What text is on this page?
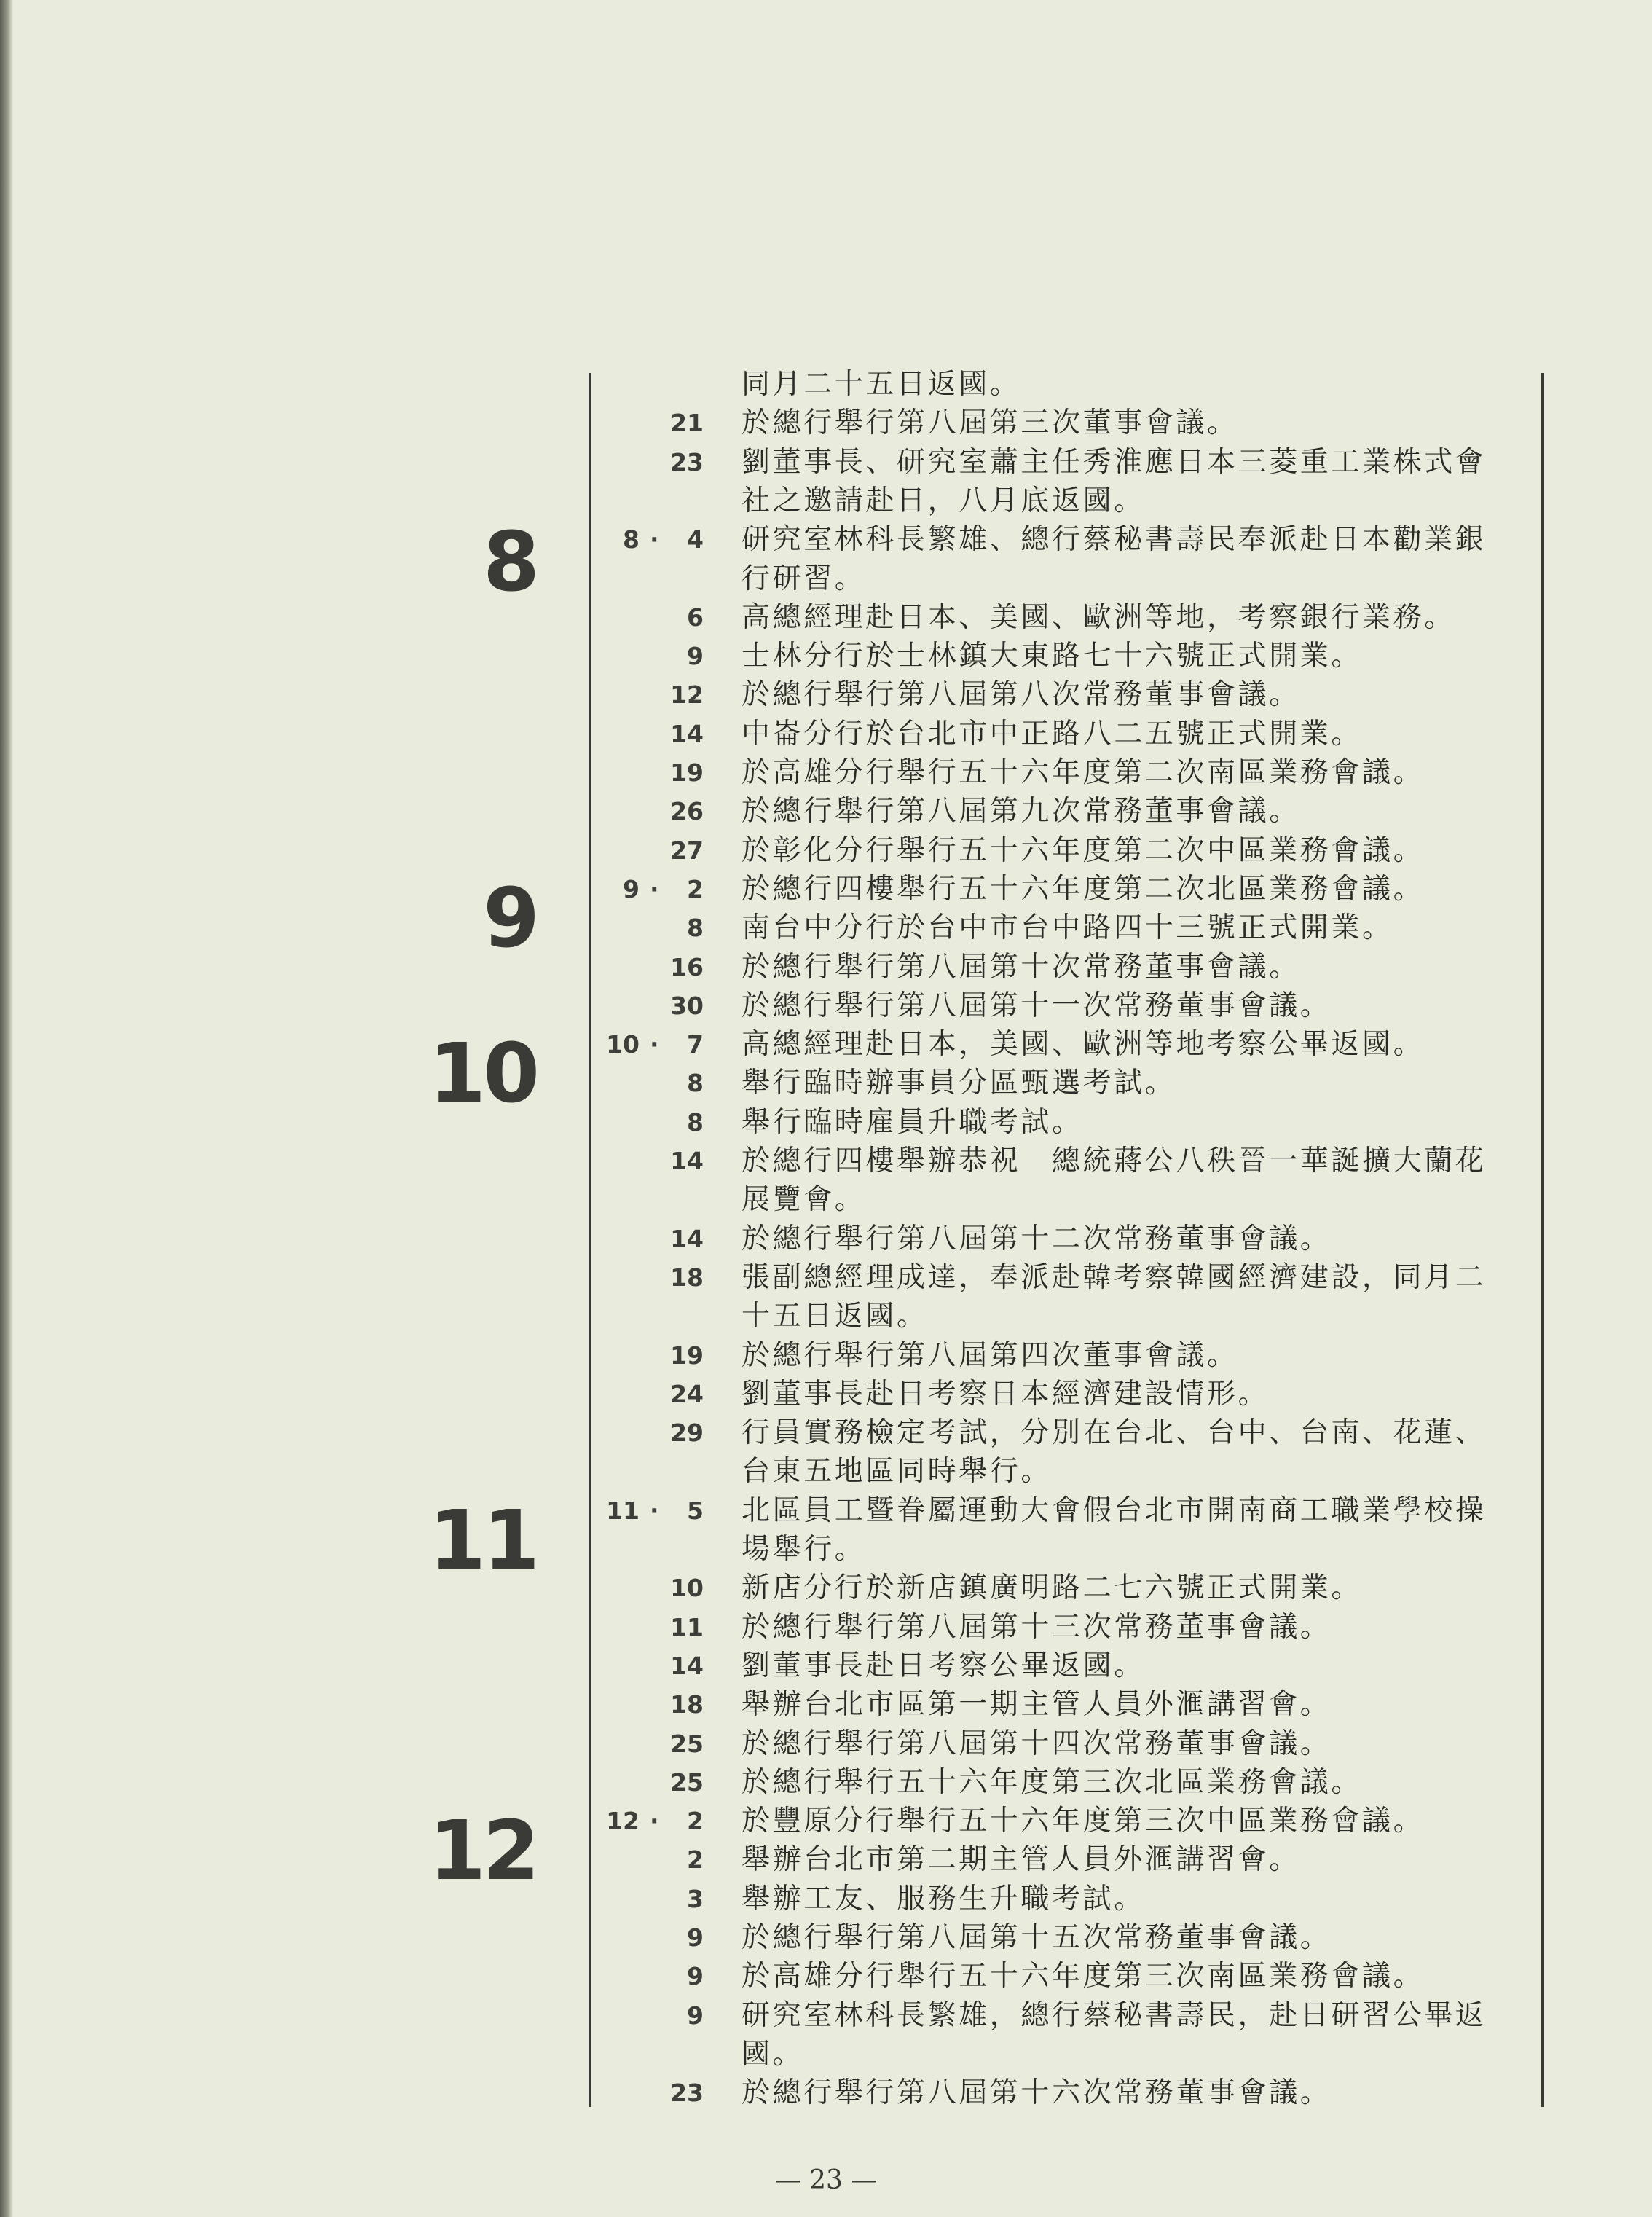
8
9
10
11
12
同月二十五日返國。
21 於總行舉行第八屆第三次董事會議。
23 劉董事長、研究室蕭主任秀淮應日本三菱重工業株式會
社之邀請赴日，八月底返國。
8 · 4 研究室林科長繁雄、總行蔡秘書壽民奉派赴日本勸業銀
行研習。
6 高總經理赴日本、美國、歐洲等地，考察銀行業務。
9 士林分行於士林鎮大東路七十六號正式開業。
12 於總行舉行第八屆第八次常務董事會議。
14 中崙分行於台北市中正路八二五號正式開業。
19 於高雄分行舉行五十六年度第二次南區業務會議。
26 於總行舉行第八屆第九次常務董事會議。
27 於彰化分行舉行五十六年度第二次中區業務會議。
9 · 2 於總行四樓舉行五十六年度第二次北區業務會議。
8 南台中分行於台中市台中路四十三號正式開業。
16 於總行舉行第八屆第十次常務董事會議。
30 於總行舉行第八屆第十一次常務董事會議。
10 · 7 高總經理赴日本，美國、歐洲等地考察公畢返國。
8 舉行臨時辦事員分區甄選考試。
8 舉行臨時雇員升職考試。
14 於總行四樓舉辦恭祝　總統蔣公八秩晉一華誕擴大蘭花
展覽會。
14 於總行舉行第八屆第十二次常務董事會議。
18 張副總經理成達，奉派赴韓考察韓國經濟建設，同月二
十五日返國。
19 於總行舉行第八屆第四次董事會議。
24 劉董事長赴日考察日本經濟建設情形。
29 行員實務檢定考試，分別在台北、台中、台南、花蓮、
台東五地區同時舉行。
11 · 5 北區員工暨眷屬運動大會假台北市開南商工職業學校操
場舉行。
10 新店分行於新店鎮廣明路二七六號正式開業。
11 於總行舉行第八屆第十三次常務董事會議。
14 劉董事長赴日考察公畢返國。
18 舉辦台北市區第一期主管人員外滙講習會。
25 於總行舉行第八屆第十四次常務董事會議。
25 於總行舉行五十六年度第三次北區業務會議。
12 · 2 於豐原分行舉行五十六年度第三次中區業務會議。
2 舉辦台北市第二期主管人員外滙講習會。
3 舉辦工友、服務生升職考試。
9 於總行舉行第八屆第十五次常務董事會議。
9 於高雄分行舉行五十六年度第三次南區業務會議。
9 研究室林科長繁雄，總行蔡秘書壽民，赴日研習公畢返
國。
23 於總行舉行第八屆第十六次常務董事會議。
— 23 —
